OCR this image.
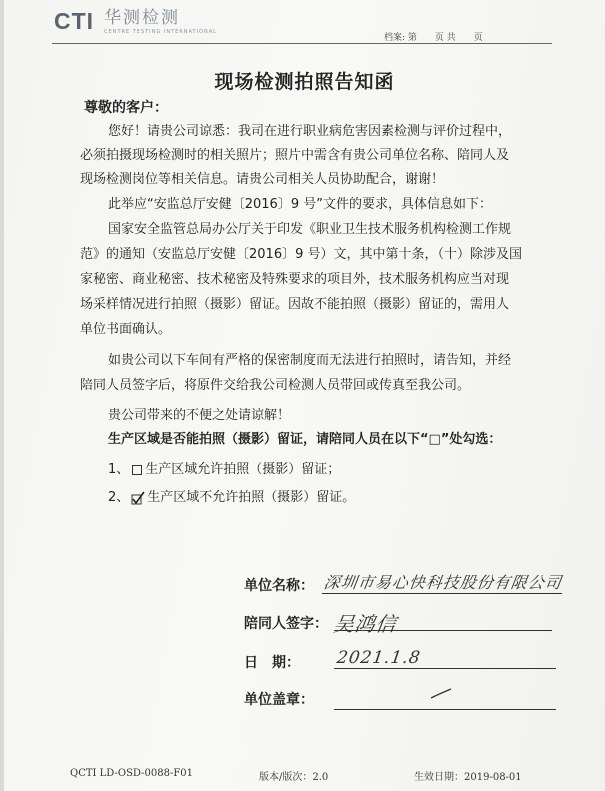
CTI 华测检测
CENTRE TESTING INTERNATIONAL
档案: 第　　页 共　　页
现场检测拍照告知函
尊敬的客户：
您好！请贵公司谅悉：我司在进行职业病危害因素检测与评价过程中，
必须拍摄现场检测时的相关照片；照片中需含有贵公司单位名称、陪同人及
现场检测岗位等相关信息。请贵公司相关人员协助配合，谢谢！
此举应“安监总厅安健〔2016〕9 号”文件的要求，具体信息如下：
国家安全监管总局办公厅关于印发《职业卫生技术服务机构检测工作规
范》的通知（安监总厅安健〔2016〕9 号）文，其中第十条，（十）除涉及国
家秘密、商业秘密、技术秘密及特殊要求的项目外，技术服务机构应当对现
场采样情况进行拍照（摄影）留证。因故不能拍照（摄影）留证的，需用人
单位书面确认。
如贵公司以下车间有严格的保密制度而无法进行拍照时，请告知，并经
陪同人员签字后，将原件交给我公司检测人员带回或传真至我公司。
贵公司带来的不便之处请谅解！
生产区域是否能拍照（摄影）留证，请陪同人员在以下“□”处勾选：
1、 生产区域允许拍照（摄影）留证；
2、 生产区域不允许拍照（摄影）留证。
单位名称： 深圳市易心快科技股份有限公司
陪同人签字： 吴鸿信
日　期： 2021.1.8
单位盖章：
QCTI LD-OSD-0088-F01	版本/版次：2.0	生效日期：2019-08-01
